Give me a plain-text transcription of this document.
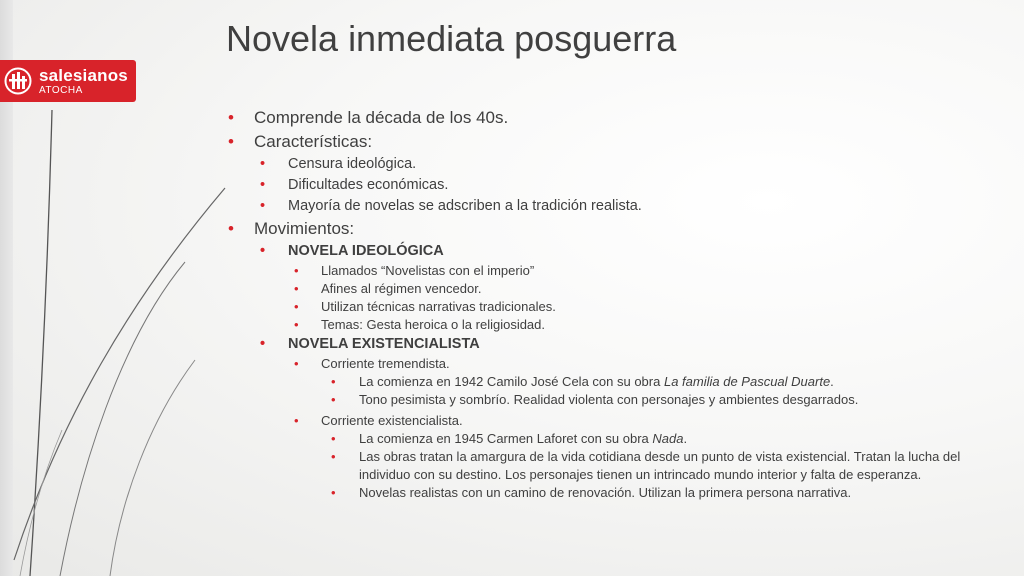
salesianos
ATOCHA
Novela inmediata posguerra
• Comprende la década de los 40s.
• Características:
• Censura ideológica.
• Dificultades económicas.
• Mayoría de novelas se adscriben a la tradición realista.
• Movimientos:
• NOVELA IDEOLÓGICA
• Llamados “Novelistas con el imperio”
• Afines al régimen vencedor.
• Utilizan técnicas narrativas tradicionales.
• Temas: Gesta heroica o la religiosidad.
• NOVELA EXISTENCIALISTA
• Corriente tremendista.
• La comienza en 1942 Camilo José Cela con su obra La familia de Pascual Duarte.
• Tono pesimista y sombrío. Realidad violenta con personajes y ambientes desgarrados.
• Corriente existencialista.
• La comienza en 1945 Carmen Laforet con su obra Nada.
• Las obras tratan la amargura de la vida cotidiana desde un punto de vista existencial. Tratan la lucha del individuo con su destino. Los personajes tienen un intrincado mundo interior y falta de esperanza.
• Novelas realistas con un camino de renovación. Utilizan la primera persona narrativa.
